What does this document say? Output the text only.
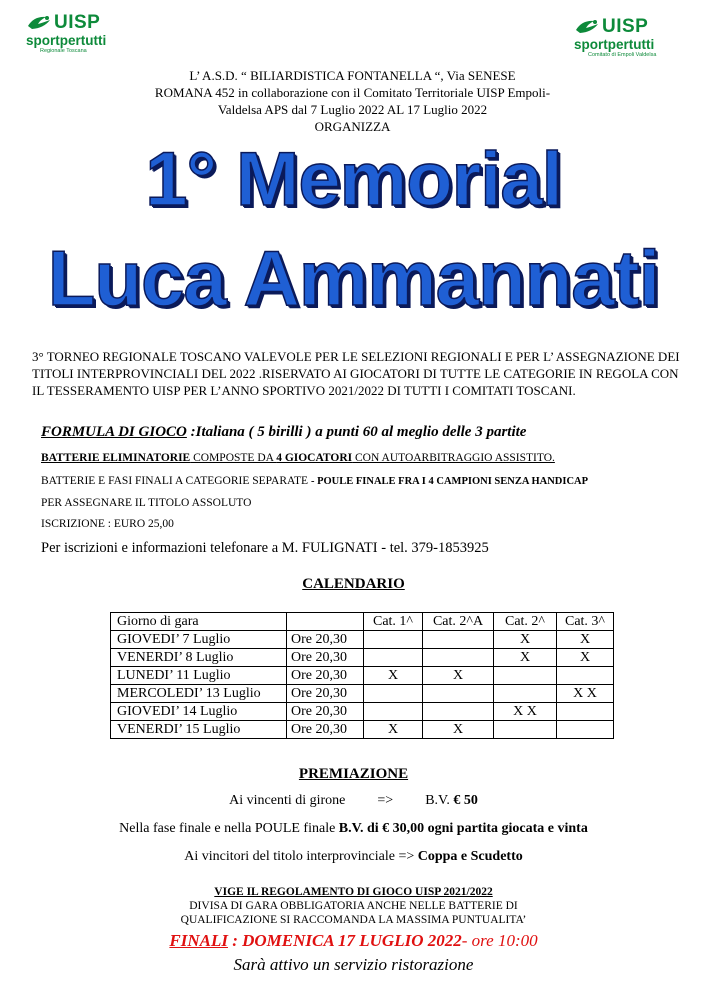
UISP
sportpertutti
Regionale Toscana
UISP
sportpertutti
Comitato di Empoli Valdelsa
L’ A.S.D. “ BILIARDISTICA FONTANELLA “, Via SENESE
ROMANA 452 in collaborazione con il Comitato Territoriale UISP Empoli-
Valdelsa APS dal 7 Luglio 2022 AL 17 Luglio 2022
ORGANIZZA
1° Memorial
Luca Ammannati
3° TORNEO REGIONALE TOSCANO VALEVOLE PER LE SELEZIONI REGIONALI E PER L’ ASSEGNAZIONE DEI TITOLI INTERPROVINCIALI DEL 2022 .RISERVATO AI GIOCATORI DI TUTTE LE CATEGORIE IN REGOLA CON IL TESSERAMENTO UISP PER L’ANNO SPORTIVO 2021/2022 DI TUTTI I COMITATI TOSCANI.
FORMULA DI GIOCO :Italiana ( 5 birilli ) a punti 60 al meglio delle 3 partite
BATTERIE ELIMINATORIE COMPOSTE DA 4 GIOCATORI CON AUTOARBITRAGGIO ASSISTITO.
BATTERIE E FASI FINALI A CATEGORIE SEPARATE - POULE FINALE FRA I 4 CAMPIONI SENZA HANDICAP
PER ASSEGNARE IL TITOLO ASSOLUTO
ISCRIZIONE : EURO 25,00
Per iscrizioni e informazioni telefonare a M. FULIGNATI - tel. 379-1853925
CALENDARIO
Giorno di gara		Cat. 1^	Cat. 2^A	Cat. 2^	Cat. 3^
GIOVEDI’ 7 Luglio	Ore 20,30			X	X
VENERDI’ 8 Luglio	Ore 20,30			X	X
LUNEDI’ 11 Luglio	Ore 20,30	X	X		
MERCOLEDI’ 13 Luglio	Ore 20,30				X X
GIOVEDI’ 14 Luglio	Ore 20,30			X X	
VENERDI’ 15 Luglio	Ore 20,30	X	X		
PREMIAZIONE
Ai vincenti di girone => B.V. € 50
Nella fase finale e nella POULE finale B.V. di € 30,00 ogni partita giocata e vinta
Ai vincitori del titolo interprovinciale => Coppa e Scudetto
VIGE IL REGOLAMENTO DI GIOCO UISP 2021/2022
DIVISA DI GARA OBBLIGATORIA ANCHE NELLE BATTERIE DI
QUALIFICAZIONE SI RACCOMANDA LA MASSIMA PUNTUALITA’
FINALI : DOMENICA 17 LUGLIO 2022- ore 10:00
Sarà attivo un servizio ristorazione
